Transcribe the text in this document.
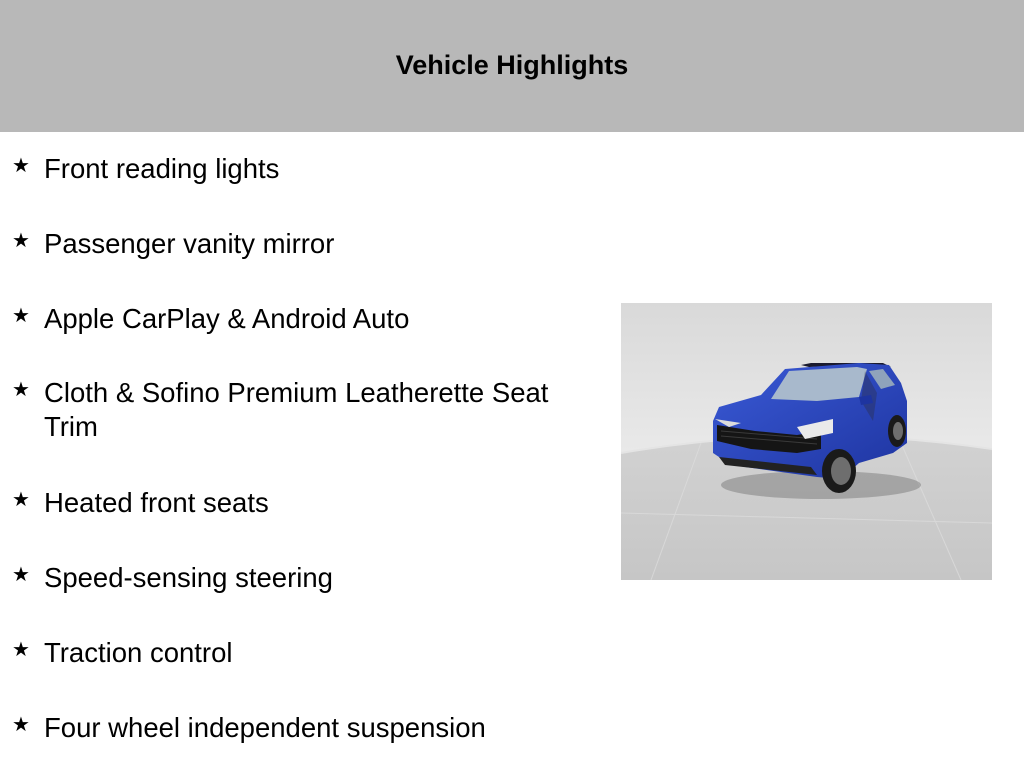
Vehicle Highlights
★ Front reading lights
★ Passenger vanity mirror
★ Apple CarPlay & Android Auto
★ Cloth & Sofino Premium Leatherette Seat Trim
★ Heated front seats
★ Speed-sensing steering
★ Traction control
★ Four wheel independent suspension
